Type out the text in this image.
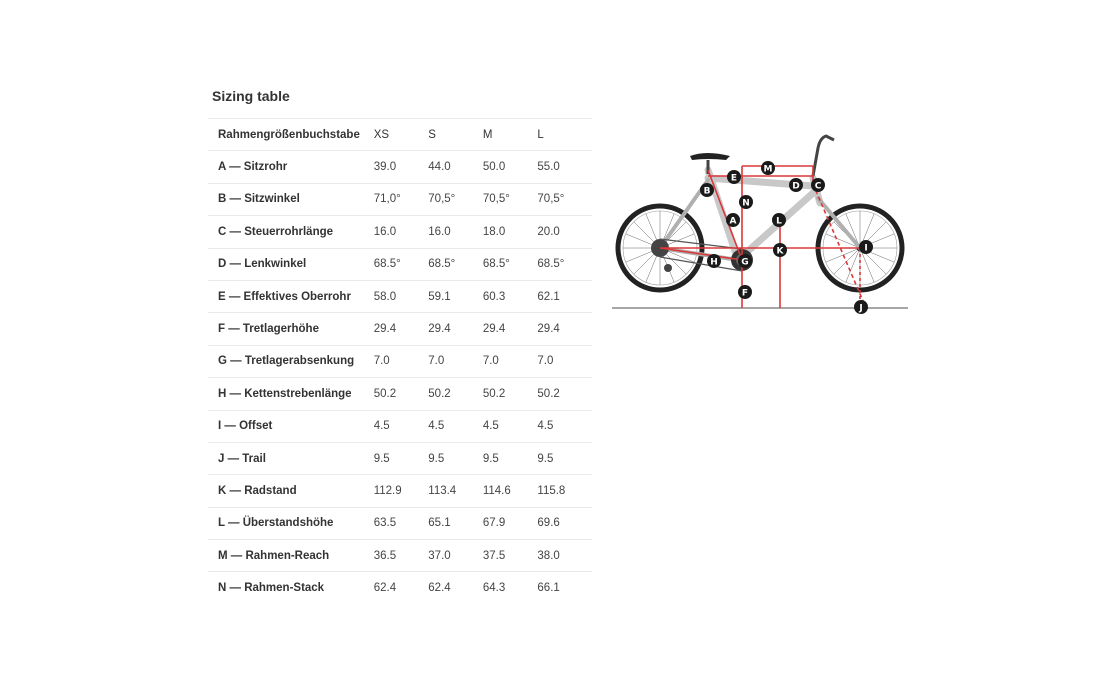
Sizing table
Rahmengrößenbuchstabe	XS	S	M	L
A — Sitzrohr	39.0	44.0	50.0	55.0
B — Sitzwinkel	71,0°	70,5°	70,5°	70,5°
C — Steuerrohrlänge	16.0	16.0	18.0	20.0
D — Lenkwinkel	68.5°	68.5°	68.5°	68.5°
E — Effektives Oberrohr	58.0	59.1	60.3	62.1
F — Tretlagerhöhe	29.4	29.4	29.4	29.4
G — Tretlagerabsenkung	7.0	7.0	7.0	7.0
H — Kettenstrebenlänge	50.2	50.2	50.2	50.2
I — Offset	4.5	4.5	4.5	4.5
J — Trail	9.5	9.5	9.5	9.5
K — Radstand	112.9	113.4	114.6	115.8
L — Überstandshöhe	63.5	65.1	67.9	69.6
M — Rahmen-Reach	36.5	37.0	37.5	38.0
N — Rahmen-Stack	62.4	62.4	64.3	66.1
A
B	C
D
E
F
G
H
I
J
K
L
M
N
